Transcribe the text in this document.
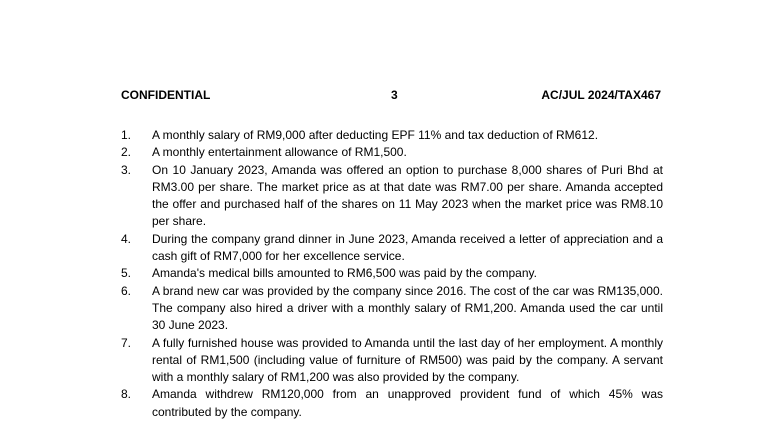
CONFIDENTIAL	3	AC/JUL 2024/TAX467
1.	A monthly salary of RM9,000 after deducting EPF 11% and tax deduction of RM612.
2.	A monthly entertainment allowance of RM1,500.
3.	On 10 January 2023, Amanda was offered an option to purchase 8,000 shares of Puri Bhd at RM3.00 per share. The market price as at that date was RM7.00 per share. Amanda accepted the offer and purchased half of the shares on 11 May 2023 when the market price was RM8.10 per share.
4.	During the company grand dinner in June 2023, Amanda received a letter of appreciation and a cash gift of RM7,000 for her excellence service.
5.	Amanda's medical bills amounted to RM6,500 was paid by the company.
6.	A brand new car was provided by the company since 2016. The cost of the car was RM135,000. The company also hired a driver with a monthly salary of RM1,200. Amanda used the car until 30 June 2023.
7.	A fully furnished house was provided to Amanda until the last day of her employment. A monthly rental of RM1,500 (including value of furniture of RM500) was paid by the company. A servant with a monthly salary of RM1,200 was also provided by the company.
8.	Amanda withdrew RM120,000 from an unapproved provident fund of which 45% was contributed by the company.
